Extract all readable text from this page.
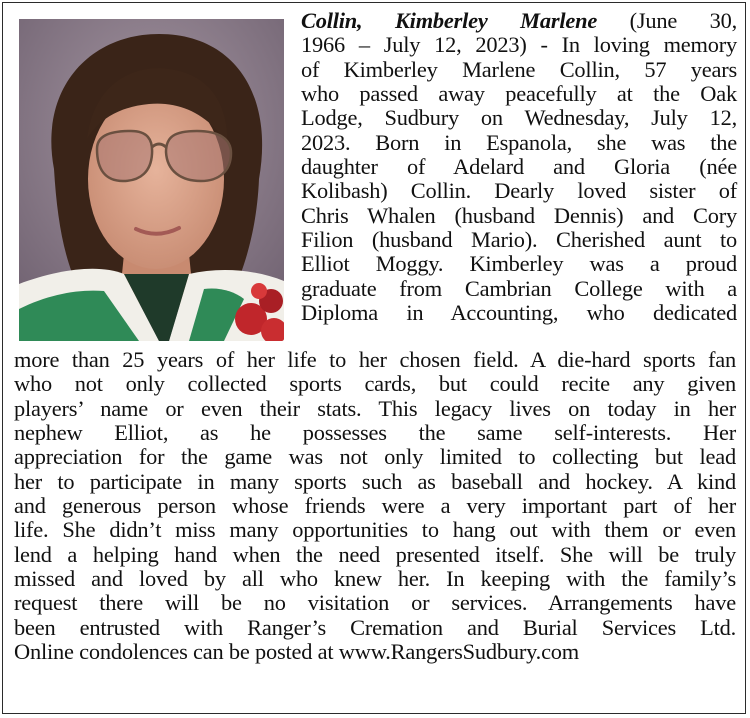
Collin, Kimberley Marlene (June 30,
1966 – July 12, 2023) - In loving memory
of Kimberley Marlene Collin, 57 years
who passed away peacefully at the Oak
Lodge, Sudbury on Wednesday, July 12,
2023. Born in Espanola, she was the
daughter of Adelard and Gloria (née
Kolibash) Collin. Dearly loved sister of
Chris Whalen (husband Dennis) and Cory
Filion (husband Mario). Cherished aunt to
Elliot Moggy. Kimberley was a proud
graduate from Cambrian College with a
Diploma in Accounting, who dedicated
more than 25 years of her life to her chosen field. A die-hard sports fan
who not only collected sports cards, but could recite any given
players’ name or even their stats. This legacy lives on today in her
nephew Elliot, as he possesses the same self-interests. Her
appreciation for the game was not only limited to collecting but lead
her to participate in many sports such as baseball and hockey. A kind
and generous person whose friends were a very important part of her
life. She didn’t miss many opportunities to hang out with them or even
lend a helping hand when the need presented itself. She will be truly
missed and loved by all who knew her. In keeping with the family’s
request there will be no visitation or services. Arrangements have
been entrusted with Ranger’s Cremation and Burial Services Ltd.
Online condolences can be posted at www.RangersSudbury.com
